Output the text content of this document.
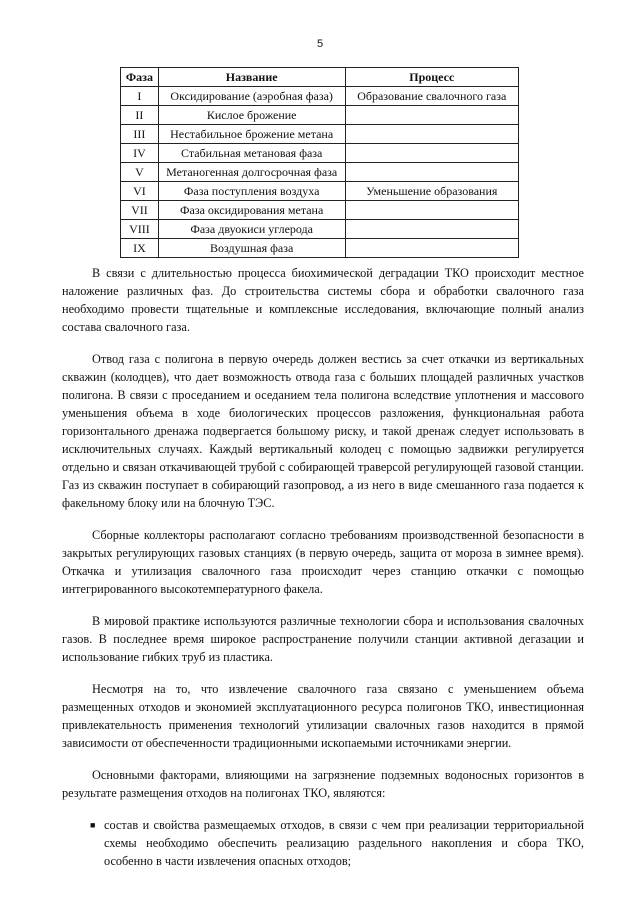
5
Фаза	Название	Процесс
I	Оксидирование (аэробная фаза)	Образование свалочного газа
II	Кислое брожение	
III	Нестабильное брожение метана	
IV	Стабильная метановая фаза	
V	Метаногенная долгосрочная фаза	
VI	Фаза поступления воздуха	Уменьшение образования
VII	Фаза оксидирования метана	
VIII	Фаза двуокиси углерода	
IX	Воздушная фаза	

В связи с длительностью процесса биохимической деградации ТКО происходит местное наложение различных фаз. До строительства системы сбора и обработки свалочного газа необходимо провести тщательные и комплексные исследования, включающие полный анализ состава свалочного газа.

Отвод газа с полигона в первую очередь должен вестись за счет откачки из вертикальных скважин (колодцев), что дает возможность отвода газа с больших площадей различных участков полигона. В связи с проседанием и оседанием тела полигона вследствие уплотнения и массового уменьшения объема в ходе биологических процессов разложения, функциональная работа горизонтального дренажа подвергается большому риску, и такой дренаж следует использовать в исключительных случаях. Каждый вертикальный колодец с помощью задвижки регулируется отдельно и связан откачивающей трубой с собирающей траверсой регулирующей газовой станции. Газ из скважин поступает в собирающий газопровод, а из него в виде смешанного газа подается к факельному блоку или на блочную ТЭС.

Сборные коллекторы располагают согласно требованиям производственной безопасности в закрытых регулирующих газовых станциях (в первую очередь, защита от мороза в зимнее время). Откачка и утилизация свалочного газа происходит через станцию откачки с помощью интегрированного высокотемпературного факела.

В мировой практике используются различные технологии сбора и использования свалочных газов. В последнее время широкое распространение получили станции активной дегазации и использование гибких труб из пластика.

Несмотря на то, что извлечение свалочного газа связано с уменьшением объема размещенных отходов и экономией эксплуатационного ресурса полигонов ТКО, инвестиционная привлекательность применения технологий утилизации свалочных газов находится в прямой зависимости от обеспеченности традиционными ископаемыми источниками энергии.

Основными факторами, влияющими на загрязнение подземных водоносных горизонтов в результате размещения отходов на полигонах ТКО, являются:

■ состав и свойства размещаемых отходов, в связи с чем при реализации территориальной схемы необходимо обеспечить реализацию раздельного накопления и сбора ТКО, особенно в части извлечения опасных отходов;
